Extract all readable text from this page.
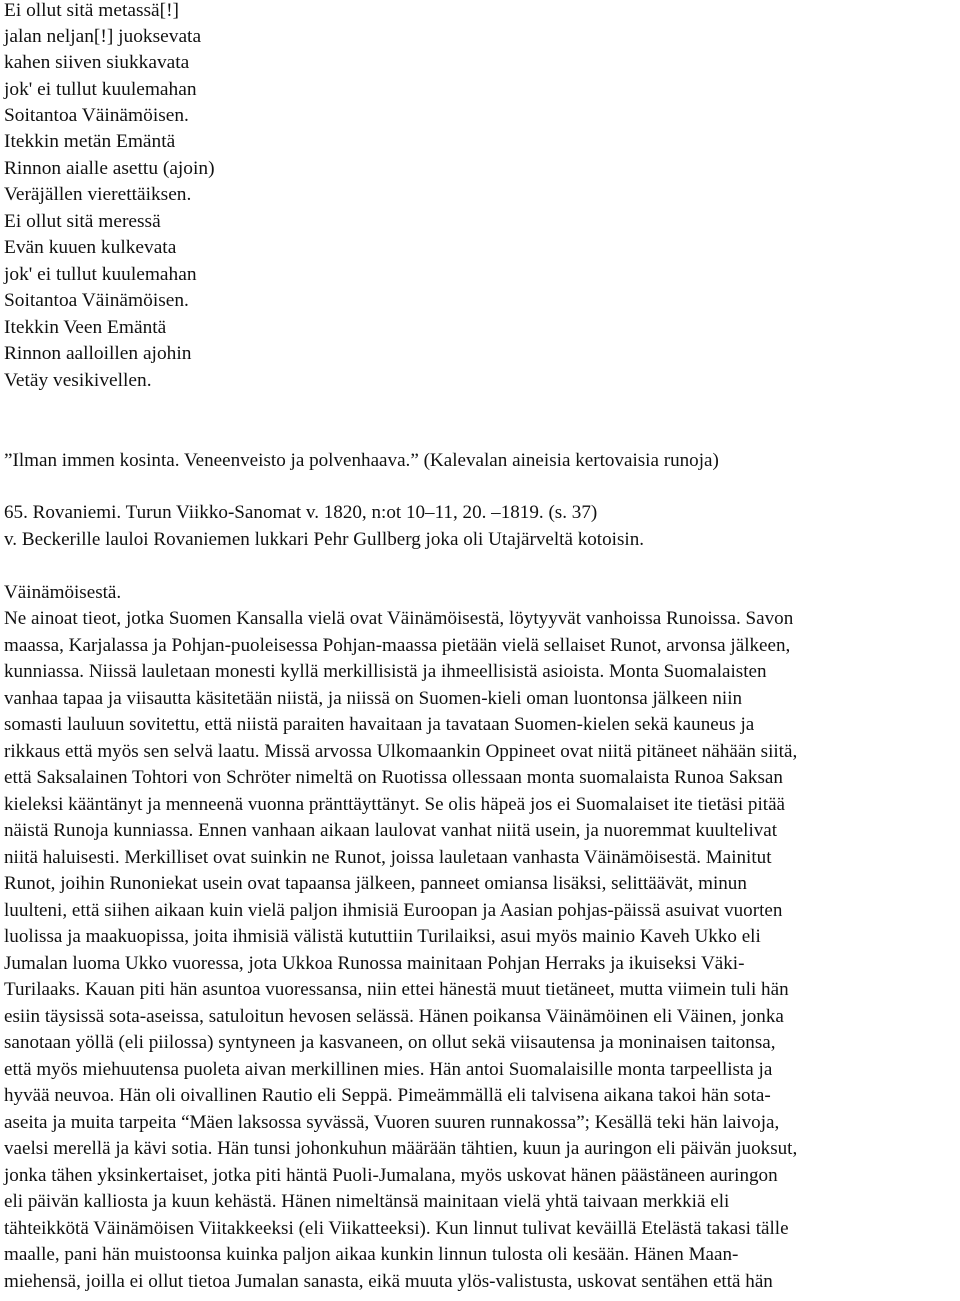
Ei ollut sitä metassä[!]
jalan neljan[!] juoksevata
kahen siiven siukkavata
jok' ei tullut kuulemahan
Soitantoa Väinämöisen.
Itekkin metän Emäntä
Rinnon aialle asettu (ajoin)
Veräjällen vierettäiksen.
Ei ollut sitä meressä
Evän kuuen kulkevata
jok' ei tullut kuulemahan
Soitantoa Väinämöisen.
Itekkin Veen Emäntä
Rinnon aalloillen ajohin
Vetäy vesikivellen.
”Ilman immen kosinta. Veneenveisto ja polvenhaava.” (Kalevalan aineisia kertovaisia runoja)
65. Rovaniemi. Turun Viikko-Sanomat v. 1820, n:ot 10–11, 20. –1819. (s. 37)
v. Beckerille lauloi Rovaniemen lukkari Pehr Gullberg joka oli Utajärveltä kotoisin.
Väinämöisestä.
Ne ainoat tieot, jotka Suomen Kansalla vielä ovat Väinämöisestä, löytyyvät vanhoissa Runoissa. Savon
maassa, Karjalassa ja Pohjan-puoleisessa Pohjan-maassa pietään vielä sellaiset Runot, arvonsa jälkeen,
kunniassa. Niissä lauletaan monesti kyllä merkillisistä ja ihmeellisistä asioista. Monta Suomalaisten
vanhaa tapaa ja viisautta käsitetään niistä, ja niissä on Suomen-kieli oman luontonsa jälkeen niin
somasti lauluun sovitettu, että niistä paraiten havaitaan ja tavataan Suomen-kielen sekä kauneus ja
rikkaus että myös sen selvä laatu. Missä arvossa Ulkomaankin Oppineet ovat niitä pitäneet nähään siitä,
että Saksalainen Tohtori von Schröter nimeltä on Ruotissa ollessaan monta suomalaista Runoa Saksan
kieleksi kääntänyt ja menneenä vuonna pränttäyttänyt. Se olis häpeä jos ei Suomalaiset ite tietäsi pitää
näistä Runoja kunniassa. Ennen vanhaan aikaan laulovat vanhat niitä usein, ja nuoremmat kuultelivat
niitä haluisesti. Merkilliset ovat suinkin ne Runot, joissa lauletaan vanhasta Väinämöisestä. Mainitut
Runot, joihin Runoniekat usein ovat tapaansa jälkeen, panneet omiansa lisäksi, selittäävät, minun
luulteni, että siihen aikaan kuin vielä paljon ihmisiä Euroopan ja Aasian pohjas-päissä asuivat vuorten
luolissa ja maakuopissa, joita ihmisiä välistä kututtiin Turilaiksi, asui myös mainio Kaveh Ukko eli
Jumalan luoma Ukko vuoressa, jota Ukkoa Runossa mainitaan Pohjan Herraks ja ikuiseksi Väki-
Turilaaks. Kauan piti hän asuntoa vuoressansa, niin ettei hänestä muut tietäneet, mutta viimein tuli hän
esiin täysissä sota-aseissa, satuloitun hevosen selässä. Hänen poikansa Väinämöinen eli Väinen, jonka
sanotaan yöllä (eli piilossa) syntyneen ja kasvaneen, on ollut sekä viisautensa ja moninaisen taitonsa,
että myös miehuutensa puoleta aivan merkillinen mies. Hän antoi Suomalaisille monta tarpeellista ja
hyvää neuvoa. Hän oli oivallinen Rautio eli Seppä. Pimeämmällä eli talvisena aikana takoi hän sota-
aseita ja muita tarpeita “Mäen laksossa syvässä, Vuoren suuren runnakossa”; Kesällä teki hän laivoja,
vaelsi merellä ja kävi sotia. Hän tunsi johonkuhun määrään tähtien, kuun ja auringon eli päivän juoksut,
jonka tähen yksinkertaiset, jotka piti häntä Puoli-Jumalana, myös uskovat hänen päästäneen auringon
eli päivän kalliosta ja kuun kehästä. Hänen nimeltänsä mainitaan vielä yhtä taivaan merkkiä eli
tähteikkötä Väinämöisen Viitakkeeksi (eli Viikatteeksi). Kun linnut tulivat keväillä Etelästä takasi tälle
maalle, pani hän muistoonsa kuinka paljon aikaa kunkin linnun tulosta oli kesään. Hänen Maan-
miehensä, joilla ei ollut tietoa Jumalan sanasta, eikä muuta ylös-valistusta, uskovat sentähen että hän
